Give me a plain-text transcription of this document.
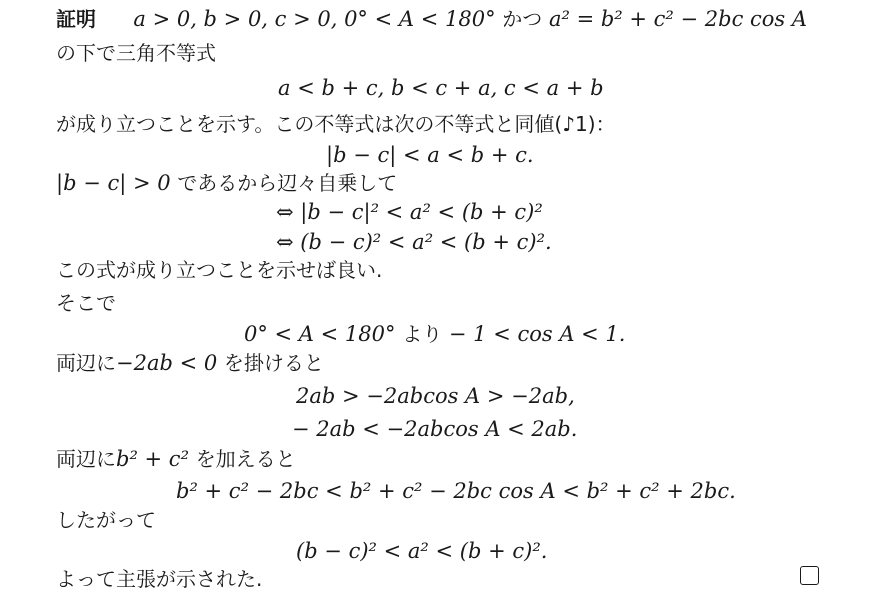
証明 a > 0, b > 0, c > 0, 0° < A < 180° かつ a² = b² + c² − 2bc cos A
の下で三角不等式
a < b + c, b < c + a, c < a + b
が成り立つことを示す。この不等式は次の不等式と同値(♪1)：
|b − c| < a < b + c.
|b − c| > 0 であるから辺々自乗して
⇔ |b − c|² < a² < (b + c)²
⇔ (b − c)² < a² < (b + c)².
この式が成り立つことを示せば良い.
そこで
0° < A < 180° より − 1 < cos A < 1.
両辺に−2ab < 0 を掛けると
2ab > −2abcos A > −2ab,
− 2ab < −2abcos A < 2ab.
両辺にb² + c² を加えると
b² + c² − 2bc < b² + c² − 2bc cos A < b² + c² + 2bc.
したがって
(b − c)² < a² < (b + c)².
よって主張が示された.
